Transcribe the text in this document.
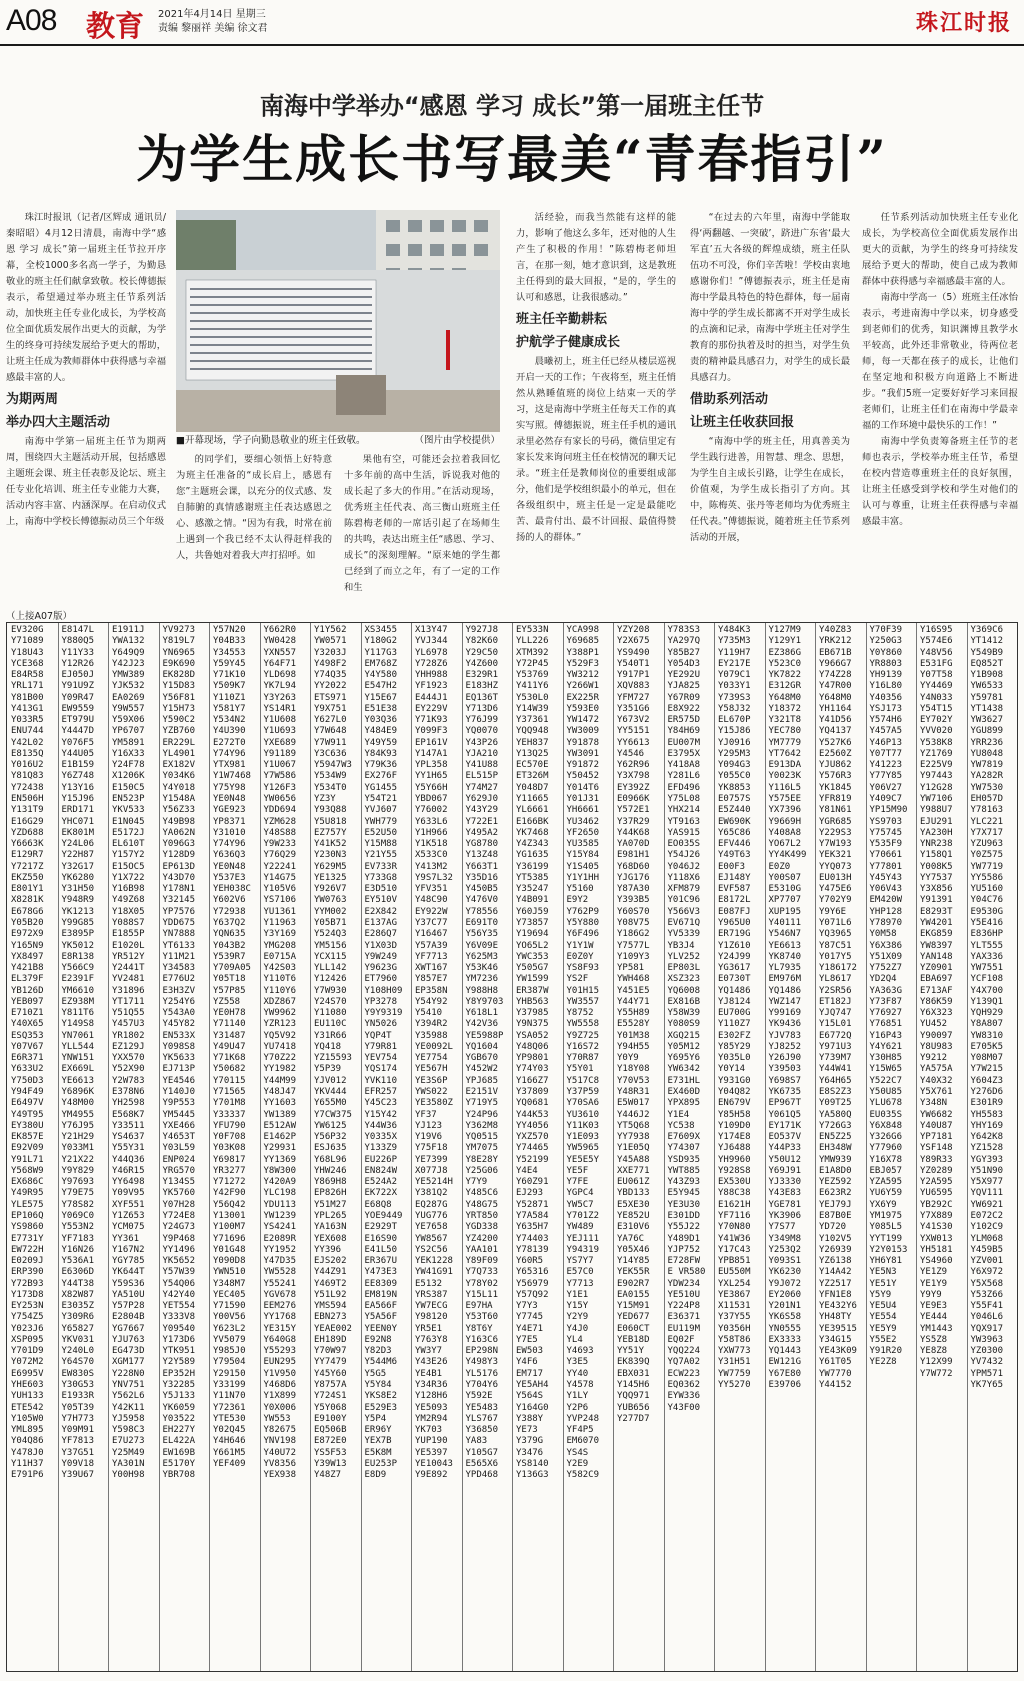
A08 教育 2021年4月14日 星期三
责编 黎丽祥 美编 徐文君	珠江时报
南海中学举办“感恩 学习 成长”第一届班主任节
为学生成长书写最美“青春指引”

珠江时报讯（记者/区辉成 通讯员/秦昭昭）4月12日清晨，南海中学“感恩 学习 成长”第一届班主任节拉开序幕，全校1000多名高一学子，为勤恳敬业的班主任们献拿致敬。校长傅德振表示，希望通过举办班主任节系列活动，加快班主任专业化成长，为学校高位全面优质发展作出更大的贡献，为学生的终身可持续发展给予更大的帮助，让班主任成为教师群体中获得感与幸福感最丰富的人。

为期两周
举办四大主题活动

南海中学第一届班主任节为期两周，围绕四大主题活动开展，包括感恩主题班会课、班主任表彰及论坛、班主任专业化培训、班主任专业能力大赛，活动内容丰富、内涵深厚。在启动仪式上，南海中学校长傅德振动员三个年级

■开幕现场，学子向勤恳敬业的班主任致敬。	（图片由学校提供）

的同学们，要细心领悟上好特意为班主任准备的“成长启上，感恩有您”主题班会课，以充分的仪式感、发自肺腑的真情感谢班主任表达感恩之心、感激之情。“因为有我，时常在前上遇到一个我已经不太认得赶样我的人，共鲁她对着我大声打招呼。如

果他有空，可能还会拉着我回忆十多年前的高中生活，诉说我对他的成长起了多大的作用。”在活动现场，优秀班主任代表、高三衡山班班主任陈碧梅老师的一席话引起了在场师生的共鸣，表达出班主任“感恩、学习、成长”的深刻理解。“原来她的学生都已经到了而立之年，有了一定的工作和生

活经验，而我当然能有这样的能力，影响了他这么多年，还对他的人生产生了积极的作用！”陈碧梅老师坦言，在那一刻，她才意识到，这是教班主任得到的最大回报，“是的，学生的认可和感恩，让我很感动。”

班主任辛勤耕耘
护航学子健康成长

晨曦初上，班主任已经从楼层巡视开启一天的工作；午夜将至，班主任悄然从熟睡值班的岗位上结束一天的学习，这是南海中学班主任每天工作的真实写照。傅德振说，班主任手机的通讯录里必然存有家长的号码，微信里定有家长发来询问班主任在校情况的聊天记录。“班主任是教师岗位的重要组成部分，他们是学校组织最小的单元，但在各级组织中，班主任是一定是最能吃苦、最肯付出、最不计回报、最值得赞扬的人的群体。”

“在过去的六年里，南海中学能取得‘两翻越、一突破’，跻进广东省‘最大军直’五大各级的辉煌成绩，班主任队伍功不可没，你们辛苦啦！学校由衷地感谢你们！”傅德振表示，班主任是南海中学最具特色的特色群体，每一届南海中学的学生成长都离不开对学生成长的点滴和记录，南海中学班主任对学生教育的那份执着及时的担当，对学生负责的精神最具感召力，对学生的成长最具感召力。

借助系列活动
让班主任收获回报

“南海中学的班主任，用真善美为学生践行进善，用智慧、理念、思想，为学生自主成长引路，让学生在成长，价值观，为学生成长指引了方向。其中，陈梅英、张丹等老师均为优秀班主任代表。”傅德振说，随着班主任节系列活动的开展，

任节系列活动加快班主任专业化成长，为学校高位全面优质发展作出更大的贡献，为学生的终身可持续发展给予更大的帮助，使自己成为教师群体中获得感与幸福感最丰富的人。

南海中学高一（5）班班主任冰怡表示，考进南海中学以来，切身感受到老师们的优秀，知识渊博且教学水平较高，此外还非常敬业，待两位老师，每一天都在孩子的成长，让他们在坚定地和积极方向道路上不断进步。“我们5班一定要好好学习来回报老师们，让班主任们在南海中学最幸福的工作环境中最快乐的工作！”

南海中学负责筹备班主任节的老师也表示，学校举办班主任节，希望在校内营造尊重班主任的良好氛围，让班主任感受到学校和学生对他们的认可与尊重，让班主任获得感与幸福感最丰富。

（上接A07版）
EV320G
Y71089
Y18U43
YCE368
E84R58
YRL171
Y81B00
Y413G1
Y033R5
ENU744
Y42L02
E8135Q
Y016U2
Y81Q83
Y72438
EN506H
Y131T9
E16G29
YZD688
Y6663K
E129R7
Y7217Z
EKZ550
E801Y1
X8281K
E678G6
Y05B20
E972X9
Y165N9
YX8497
Y421B8
EL379F
YB126D
YEB097
E710Z1
Y40X65
ESQ353
Y07V67
E6R371
Y633U2
Y750D3
Y94F49
E6497V
Y49T95
EY380U
EK857E
E92V09
Y91L71
Y568W9
EX686C
Y49R95
YLE575
EP106Q
YS9860
E7731Y
EW722H
E0209J
ERP390
Y72B93
Y173D8
EY253N
Y754Z5
Y023J6
XSP095
Y701D9
Y072M2
E6995V
YHE603
YUH133
ETE542
Y105W0
YML895
Y04Q86
Y478J0
Y11H37
E791P6
E8147L
Y880Q5
Y11Y33
Y12R26
EJ050J
Y91U9Z
Y09R47
EW9559
ET979U
Y4447D
Y076F5
Y44U05
E1B159
Y6Z748
Y13Y16
Y15J96
ERD171
YHC071
EK801M
Y24L06
Y22H87
Y32G17
YK6280
Y31H50
Y948R9
YK1213
Y99G85
E3895P
YK5012
E8R138
Y566C9
E2391F
YM6610
EZ938M
Y811T6
Y149S8
YN7061
YLL544
YNW151
EX669L
YE6613
Y6896K
Y48M00
YM4955
Y76J95
Y21H29
Y033M1
Y21X22
Y9Y829
Y97693
Y79E75
Y78S82
Y069C0
Y553N2
YF7183
Y16N26
Y536A1
E6306D
Y44T38
X82W87
E3035Z
Y309R6
Y65827
YKV031
Y240L0
Y64S70
EW830S
Y30G53
E1933R
Y05T39
Y7H773
Y09M91
YF7813
Y37G51
Y09V18
Y39U67
E1911J
YWA132
Y649Q9
Y42J23
YMW389
YJK532
EA0269
Y9W557
Y59X06
YP6707
YM5891
Y16X33
Y24F78
X1206K
E150C5
EN523P
YKV533
E1N045
E5172J
EL610T
Y157Y2
E15OC5
Y1X722
Y16B98
Y49Z68
Y18X05
Y088S7
E1855P
E1020L
YR512Y
Y2441T
YV2481
Y31896
YT1711
Y51Q55
Y457U3
YR1802
EZ129J
YXX570
Y52X90
Y2W783
E378N6
YH2598
E568K7
Y33511
YS4637
Y55Y31
Y44Q36
Y46R15
YY6498
Y09V95
XYF551
Y1Z653
YCM075
YY361
Y167N2
YGY785
YK644T
Y59S36
YA510U
Y57P28
E2804B
YG7667
YJU763
EG473D
XGM177
Y228N0
YNV751
Y562L6
Y42K11
YJ5958
Y598C3
E7U273
Y25M49
YA301N
Y00H98
YV9273
Y819L7
YN6965
E9K690
EK828D
Y15D83
Y56F81
Y15H73
Y590C2
YZB760
ER229L
YL4901
EX182V
Y034K6
Y4Y018
Y1548A
Y56Z33
Y49B98
YA062N
Y096G3
Y128D9
EP613D
Y43D70
Y178N1
Y32145
YP7576
YDD675
YN7888
YT6133
Y11M21
Y34583
E776U2
E3H3ZV
Y254Y6
Y543A0
Y45Y82
EN533X
Y098S8
YK5633
EJ713P
YE4546
Y140J0
Y9P553
YM5445
YXE466
Y4653T
Y03L59
ENP024
YRG570
Y134S5
YK5760
Y07H28
Y724E8
Y24G73
Y9P468
YY1496
YK5652
Y57W39
Y54Q06
Y42Y40
YET554
Y333V8
Y09540
Y173D6
YTK951
Y2Y589
EP352H
Y32285
Y5J133
YK6059
Y03522
EH227Y
EL422A
EW169B
E5170Y
YBR708
Y57N20
Y04B33
Y34553
Y59Y45
Y71K10
Y509K7
Y110Z1
Y581Y7
Y534N2
Y4U390
E272T0
Y74Y96
YTX981
Y1W7468
Y75Y98
YE0N48
YGE923
YP8371
Y31010
Y74Y96
Y636Q3
YE0N48
Y537E3
YEH038C
Y602V6
Y72938
Y637Q2
YQN635
Y043B2
Y539R7
Y709A05
Y05T18
Y57P85
YZ558
YE0H78
Y71140
Y31487
Y49U47
Y71K68
Y50682
Y70115
Y71565
Y701M8
Y33337
YFU790
Y0F708
Y03K08
Y69817
YR3277
Y71272
Y42F90
Y56Q42
Y13001
Y100M7
Y71696
Y01G48
Y090D8
YWN510
Y348M7
YEC405
Y71590
Y00V56
Y623L2
YV5079
Y985J0
Y79504
Y29150
Y33199
Y11N70
Y72361
YTE530
Y02Q45
Y4H646
Y661M5
YEF409
Y662R0
YW0428
YXN557
Y64F71
YLD698
YK7L94
Y3Y263
YS14R1
Y1U608
Y1U693
YXE689
Y91189
Y1U067
Y7W586
Y126F3
YW0656
YDD694
YZM628
Y48S88
Y9W233
Y76Q29
Y22241
Y14G75
Y105V6
YS7106
YU1361
Y11963
Y3Y169
YMG208
E0715A
Y42S03
Y110T6
Y110Y6
XDZ867
YW9962
YZR123
YQ5V92
YU7418
Y70Z22
YY1982
Y44M99
Y48J47
YY1603
YW1389
E512AW
E1462P
Y29931
YY1369
Y8W300
Y420A9
YLC198
YDU113
YW1239
YS4241
E2089R
YY1952
Y47D35
YW5528
Y55241
YGV678
EEM276
YY1768
YE315Y
Y640G8
Y55293
EUN295
Y1V950
Y468D6
Y1X899
Y0X006
YW553
Y82675
YNV198
Y40U72
YV8356
YEX938
Y1Y562
YW0571
Y3203J
Y498F2
Y74Q35
YY2022
ETS971
Y9X751
Y627L0
Y7W648
Y7W911
Y3C636
Y5947W3
Y534W9
Y534T0
YZ3Y
Y93Q88
Y5U818
EZ757Y
Y41K52
Y230N3
Y629M5
YE1325
Y926V7
YW0763
YYM002
Y05B71
Y524Q3
YM5156
YCX115
YLL142
Y12426
Y7W930
Y24S70
Y11080
EU110C
Y31R66
YQ418
YZ15593
Y5P39
YJV012
YKV444
Y655M0
Y7CW375
YW6125
Y56P32
ESJ635
Y68L96
YHW246
Y869H8
EP826H
Y51M27
YPL265
YA163N
YEX608
YY396
EJS202
Y44Z91
Y469T2
Y51L92
YMS594
EBN273
YEAE002
EH189D
Y70W97
YY7479
Y45Y60
Y8757A
Y724S1
Y5Y068
E9100Y
EQ506B
E872E0
YS5F53
Y39W13
Y48Z7
XS3455
Y180G2
Y117G3
EM768Z
Y4Y580
E547H2
Y15E67
E51E38
Y03Q36
Y484E9
Y49Y59
Y84K93
Y79K36
EX276F
YG1455
Y54T21
YVJ607
YWH779
E52U50
Y15M88
Y21Y55
EV733R
Y733G8
E3D510
EY510V
E2X842
E137AG
E286Q7
Y1X03D
Y9W249
Y9623G
ET7960
Y108H09
YP3278
Y9Y9319
YN5026
YQP4T
Y79R81
YEV754
YQS174
YVK110
EFR257
Y45C23
Y15Y42
Y44W36
Y0335X
Y133Z9
EU226P
EN824W
E524A2
EK722X
E68Q8
YOE9449
E2929T
E16S90
E41L50
ER367U
Y473E3
EE8309
EM819N
EA566F
Y5A56F
YEEN0Y
E92N8
Y82D3
Y544M6
Y5G5
Y5Y84
YKS8E2
E529E3
Y5P4
ER96Y
YEX7B
E5K8M
EU253P
E8D9
X13Y47
YVJ344
YL6978
Y728Z6
YHH988
YF1923
E444J1
EY229V
Y71K93
Y099F3
EP161V
Y147A1
YPL358
YY1H65
Y5Y66H
YBD067
Y76002
Y633L6
Y1H966
Y1K518
X533C0
Y413M2
Y9S7L32
YFV351
Y48C90
EY922W
Y37C77
Y16467
Y57A39
YF7713
XWT167
Y857E7
EP358N
Y54Y92
Y5410
Y394R2
Y35988
YE0092L
YE7754
YE567H
YE3S6P
YWS022
YE3580Z
YF37
YJ123
Y19V6
Y75F18
YE7399
X077J8
YE5214H
Y381Q2
EQ287G
YUG776
YE7658
YW8567
YS2C56
YEK1228
YW41G91
E5132
YRS387
YW7ECG
Y98120
YR5E1
Y763Y8
YW3Y7
Y43E26
YE4B1
Y34R36
Y128H6
YE5093
YM2R94
YK703
YUP190
YE5397
YE10043
Y9E892
Y927J8
Y82K60
Y29C50
Y4Z600
E329R1
E183HZ
EQ136T
Y713D6
Y76J99
YQ0070
Y43P26
YJA210
Y41U88
EL515P
Y74M27
Y629J0
Y43Y29
Y722E1
Y495A2
YG8780
Y13Z48
Y663T1
Y35D16
Y450B5
Y476V0
Y78556
E691T0
Y56Y35
Y6V09E
Y625M3
Y53K46
YM7236
Y988H8
Y8Y9703
Y618L1
Y42V36
YE5988P
YQ1604
YGB670
Y452W2
YPJ685
E2151V
Y719Y5
Y24P96
Y362M8
YQ0515
YM7075
Y8E28Y
Y25G06
Y7Y9
Y485C6
Y48G75
YRT850
YGD338
YZ4200
YAA101
Y89F09
Y7Q733
Y78Y02
Y15L11
E97HA
Y53T60
Y8T6Y
Y163C6
EP298N
Y498Y3
YL5176
Y704Y6
Y592E
YE5483
YLS767
Y36850
YA83
Y105G7
E565X6
YPD468
EY533N
YLL226
XTM392
Y72P45
Y53769
Y411Y6
Y530L0
Y14W39
Y37361
YQQ948
YEH837
Y13Q25
EC570E
ET326M
Y048D7
Y11665
YL6661
E166BK
YK7468
Y4Z343
YG1635
Y36199
YT5385
Y35247
Y4B091
Y60J59
Y73857
Y19694
YO65L2
YWC353
Y505G7
YW1599
ER387W
YHB563
Y37985
Y9N375
YSA052
Y48Q06
YP9801
Y74Y03
Y166Z7
Y37809
YQ0681
Y44K53
YY4056
YXZ570
Y74465
Y52199
Y4E4
Y60Z91
EJ293
Y52871
Y7A584
Y635H7
Y74403
Y78139
Y60R5
Y65316
Y56979
Y57Q92
Y7Y3
Y7745
Y4E71
Y7E5
EW503
Y4F6
EM717
YE5AH4
Y564S
Y164G0
Y388Y
YE73
Y379G
Y3476
YS8140
Y136G3
YCA998
Y69685
Y388P1
Y529F3
YW3212
Y266W1
EX225R
Y593E0
YW1472
YW3009
Y91878
YW3091
Y91872
Y50452
Y014T6
Y01J31
YH6661
YU3462
YF2650
YU3585
Y15Y84
Y1S405
Y1Y1HH
Y5160
E9Y2
Y762P9
Y5Y880
Y6F496
Y1Y1W
E0Z0Y
YS8F93
YS2F
Y01H15
YW3557
Y8752
YW5558
Y9Z725
Y16S72
Y70R87
Y5Y01
Y517C8
Y37P59
Y70SA6
YU3610
Y11K03
Y1E093
YW5965
YE5E5Y
YE5F
Y7FE
YGPC4
YW5C7
Y701Z2
YW489
YEJ111
Y94319
YS7Y7
E57C0
Y7713
Y1E1
Y15Y
Y2Y9
Y4J0
YL4
Y4693
Y3E5
YY40
Y4578
Y1LY
Y2P6
YVP248
YF4P5
EM6070
YS4S
Y2E9
Y582C9
YZY208
Y2X675
YS9490
Y540T1
Y917P1
XQV883
YFM727
Y351G6
Y673V2
YY5151
YY6613
Y4546
Y62R96
Y3X798
EY392Z
E0966K
Y572E1
Y37R29
Y44K68
YA070D
E981H1
Y68D60
YJG176
Y87A30
Y393B5
Y60S70
Y08V75
Y186G2
Y7577L
Y109Y3
YP581
YWH468
Y451E5
Y44Y71
Y55H89
E5528Y
Y01M38
Y94H55
Y0Y9
Y18Y08
Y70V53
Y48R31
E5W017
Y446J2
YT5Q68
YY7938
Y1E05Q
Y45A88
XXE771
EU061Z
YBD133
E5XE30
YE852U
E310V6
YA76C
Y05X46
Y14Y85
YEK55R
E902R7
EA0155
Y15M91
YED677
E060CT
YEB18D
YY51Y
EK839Q
EBX031
Y145H6
YQQ971
YUB656
Y277D7
Y783S3
YA297Q
Y85B27
Y054D3
YE292U
YJA825
Y67R09
E8X922
ER575D
Y84H69
EU007M
E3795X
Y418A8
Y281L6
EFD496
Y75L08
YHX214
YT9163
YAS915
EO035S
Y54J26
Y046J2
Y118X6
XFM879
Y01C96
Y566V3
EV671Q
YV5339
YB3J4
YLV252
EP803L
XSZ323
YQ6008
EX816B
Y58W39
Y080S9
XGQ215
Y05M12
Y695Y6
YW6342
E731HL
EX460D
YPX895
Y1E4
YC538
E7609X
Y74307
YSD935
YWT885
Y43Z93
E5Y945
YE3U30
E301DD
Y55J22
Y489D1
YJP752
E728FW
E VR580
YDW234
YE510U
Y224P8
E36371
EU119M
EQ02F
YQQ224
YQ7A02
ECW223
EQ0362
EYW336
Y43F00
Y484K3
Y735M3
Y119H7
EY217E
Y079C1
Y033Y1
Y739S3
Y58J32
EL670P
Y15J86
YJ0916
Y295M3
Y094G3
Y055C0
YK8853
E0757S
E5Z440
EW690K
Y65C86
EFV446
Y49T63
E00F3
EJ148Y
EVF587
E8172L
E087FJ
Y965U0
ER719G
Y1Z610
Y24J99
YG3617
E0730T
YQ1486
YJ8124
EU700G
Y110Z7
E302FZ
Y85Y29
Y035L0
Y0Y14
Y931G0
Y04Q82
EN679V
Y85H58
Y109D0
Y174E8
YJ6488
YH9960
Y928S8
EX530U
Y88C38
E1621H
YF7116
Y70N80
Y41W36
Y17C43
YPB851
EU550M
YXL254
YE3867
X11531
Y37Y55
Y0356H
Y58T86
YXW773
Y31H51
YW7759
YY5270
Y127M9
Y129Y1
EZ386G
Y523C0
YK7822
E312GR
Y648M0
Y18372
Y321T8
YEC780
YM7779
YT7642
E913DA
Y0023K
Y116L5
Y575EE
YX7396
Y9669H
Y408A8
YO67L2
YY4K499
E0Z0
Y00S07
E5310G
XP7707
XUP195
Y40111
Y546N7
YE6613
YK8740
YL7935
EM976M
YQ1486
YWZ147
Y99169
YK9436
YJV783
YJ8252
Y26J90
Y39503
Y698S7
YK6735
EP967T
Y061Q5
EY171K
EO537V
Y44P33
Y50U12
Y69J91
YJ3330
Y43E83
YGE781
YK3906
Y7S77
Y349M8
Y253Q2
Y093S1
YK6230
Y9J072
EY2060
Y201N1
YK6S58
YN0555
EX3333
YQ1443
EW121G
Y67E80
E39706
Y40Z83
YRK212
EB671B
Y966G7
Y74Z28
Y47R00
Y648M0
YH1164
Y41D56
YQ4137
Y527K6
E2560Z
YJU862
Y576R3
YK1845
YFR819
Y81N61
YGR685
Y229S3
Y7W193
YEK321
YYQ073
EU013H
Y475E6
Y702Y9
Y9Y6E
Y071L6
YQ3965
Y87C51
Y017Y5
Y186172
YL8617
Y2SR56
ET182J
YJQ747
Y15L01
E6772Q
Y971U3
Y739M7
Y44W41
Y64H65
E8S2Z3
Y09T25
YA580Q
Y726G3
EN5Z25
EH348W
YMW939
E1A8D0
YEZ592
E623R2
YEJ79J
E87B0E
YD720
Y102V5
Y26939
YZ6138
Y14A42
YZ2517
YFN1E8
YE432Y6
YH48TY
YE39515
Y34G15
YE43K09
Y61T05
YW7770
Y44152
Y70F39
Y250G3
Y0Y860
YR8803
YH9139
Y16L80
Y40356
YSJ173
Y574H6
Y457A5
Y46P13
Y07T77
Y41223
Y77Y85
Y06V27
Y409C7
YP15M90
YS9703
Y75745
Y535F9
Y70661
Y77801
Y45Y43
Y06V43
EM420W
YHP128
Y78970
Y0M58
Y6X386
Y51X09
Y752Z7
YD2Q4
YA363G
Y73F87
Y76927
Y76851
Y16P43
Y4Y621
Y30H85
Y15W65
Y522C7
Y50U85
YLU678
EU035S
Y6X848
Y326G6
Y77960
Y16X78
EBJ057
YZA595
YU6Y59
YX6Y9
YM1975
Y085L5
YYT199
Y2Y0153
YH6Y81
YE5N3
YE51Y
Y5Y9
YE5U4
YE554
YE5Y9
Y55E2
Y91R20
YE2Z8
Y16S95
Y574E6
Y48V56
E531FG
Y07T58
YY4469
Y4N033
Y54T15
EY702Y
YVV020
Y538K8
YZ1769
E225V9
Y97443
Y12G28
YW7106
Y988U7
EJU291
YA230H
YNR238
Y158Q1
Y008K5
YY7537
Y3X856
Y91391
E8293T
YW4201
EKG859
YW8397
YAN148
YZ0901
EBA697
E713AF
Y86K59
Y6X323
YU452
Y90097
Y8U983
Y9212
YA575A
Y40X32
Y5X761
Y348N
YW6682
Y40U87
YP7181
YSF148
Y89R33
YZ0289
Y2A595
YU6595
YB292C
Y7X889
Y41S30
YXW013
YH5181
YS4960
YE1Z9
YE1Y9
Y9Y9
YE9E3
YE444
YM1443
YS5Z8
YE8Z8
Y12X99
Y7W772
Y369C6
YT1412
Y549B9
EQ852T
Y1B908
YW6533
Y59781
YT1438
YW3627
YGU899
YRR236
YU8048
YW7819
YA282R
YW7530
EH057D
Y78163
YLC221
Y7X717
YZU963
Y0Z575
YW7719
YY5586
YU5160
Y04C76
E9530G
Y5E416
E836HP
YLT555
YAX336
YW7551
YCF108
Y4X700
Y139Q1
YQH929
Y8A807
YW8310
E705K5
Y08M07
Y7W215
Y604Z3
Y276D6
E301R9
YH5583
YHY169
Y642K8
YZ1528
YGY393
Y51N90
Y5X977
YQV111
YW6921
E072C2
Y102C9
YLM068
Y459B5
YZV001
Y6X972
Y5X568
Y53Z66
Y55F41
Y046L6
YQX917
YW3963
YZ0300
YV7432
YPM571
YK7Y65
